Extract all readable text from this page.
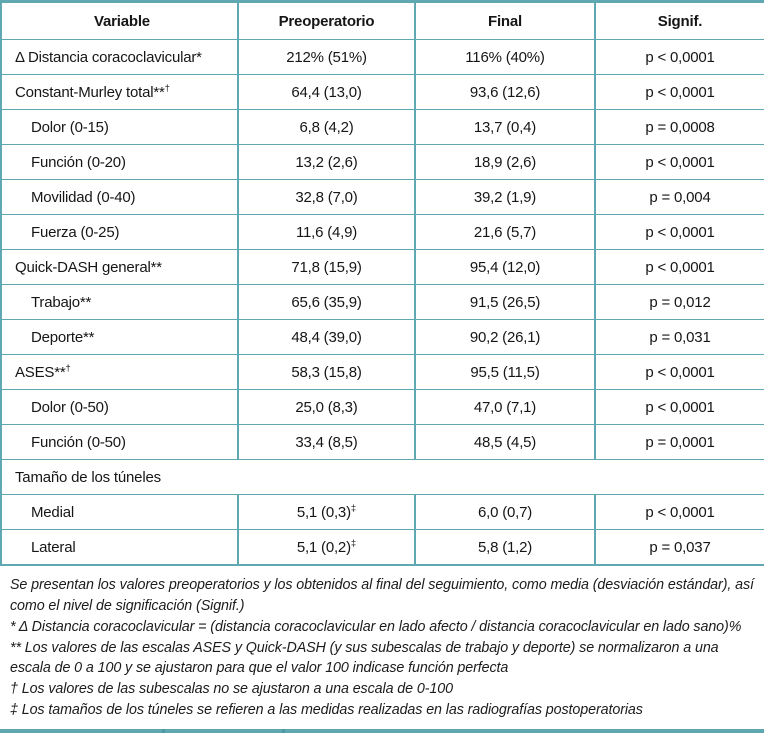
Variable	Preoperatorio	Final	Signif.
Δ Distancia coracoclavicular*	212% (51%)	116% (40%)	p < 0,0001
Constant-Murley total**†	64,4 (13,0)	93,6 (12,6)	p < 0,0001
Dolor (0-15)	6,8 (4,2)	13,7 (0,4)	p = 0,0008
Función (0-20)	13,2 (2,6)	18,9 (2,6)	p < 0,0001
Movilidad (0-40)	32,8 (7,0)	39,2 (1,9)	p = 0,004
Fuerza (0-25)	11,6 (4,9)	21,6 (5,7)	p < 0,0001
Quick-DASH general**	71,8 (15,9)	95,4 (12,0)	p < 0,0001
Trabajo**	65,6 (35,9)	91,5 (26,5)	p = 0,012
Deporte**	48,4 (39,0)	90,2 (26,1)	p = 0,031
ASES**†	58,3 (15,8)	95,5 (11,5)	p < 0,0001
Dolor (0-50)	25,0 (8,3)	47,0 (7,1)	p < 0,0001
Función (0-50)	33,4 (8,5)	48,5 (4,5)	p = 0,0001
Tamaño de los túneles			
Medial	5,1 (0,3)‡	6,0 (0,7)	p < 0,0001
Lateral	5,1 (0,2)‡	5,8 (1,2)	p = 0,037

Se presentan los valores preoperatorios y los obtenidos al final del seguimiento, como media (desviación estándar), así como el nivel de significación (Signif.)

* Δ Distancia coracoclavicular = (distancia coracoclavicular en lado afecto / distancia coracoclavicular en lado sano)%

** Los valores de las escalas ASES y Quick-DASH (y sus subescalas de trabajo y deporte) se normalizaron a una escala de 0 a 100 y se ajustaron para que el valor 100 indicase función perfecta

† Los valores de las subescalas no se ajustaron a una escala de 0-100

‡ Los tamaños de los túneles se refieren a las medidas realizadas en las radiografías postoperatorias
